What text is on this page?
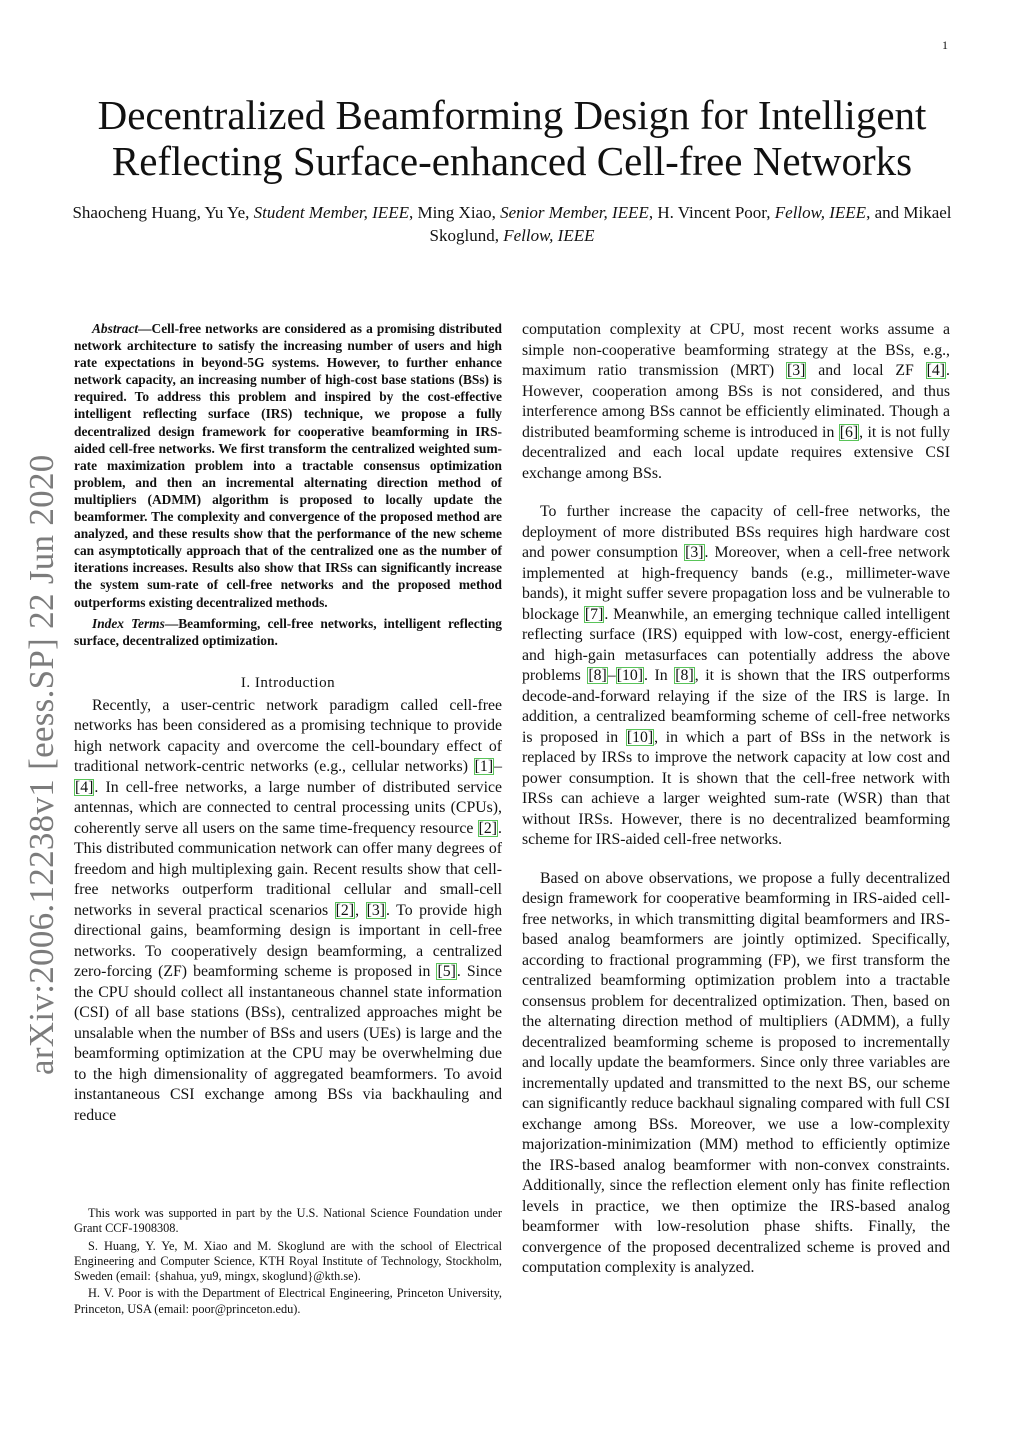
1
arXiv:2006.12238v1 [eess.SP] 22 Jun 2020
Decentralized Beamforming Design for Intelligent
Reflecting Surface-enhanced Cell-free Networks
Shaocheng Huang, Yu Ye, Student Member, IEEE, Ming Xiao, Senior Member, IEEE, H. Vincent Poor, Fellow, IEEE, and Mikael Skoglund, Fellow, IEEE

Abstract—Cell-free networks are considered as a promising distributed network architecture to satisfy the increasing number of users and high rate expectations in beyond-5G systems. However, to further enhance network capacity, an increasing number of high-cost base stations (BSs) is required. To address this problem and inspired by the cost-effective intelligent reflecting surface (IRS) technique, we propose a fully decentralized design framework for cooperative beamforming in IRS-aided cell-free networks. We first transform the centralized weighted sum-rate maximization problem into a tractable consensus optimization problem, and then an incremental alternating direction method of multipliers (ADMM) algorithm is proposed to locally update the beamformer. The complexity and convergence of the proposed method are analyzed, and these results show that the performance of the new scheme can asymptotically approach that of the centralized one as the number of iterations increases. Results also show that IRSs can significantly increase the system sum-rate of cell-free networks and the proposed method outperforms existing decentralized methods.

Index Terms—Beamforming, cell-free networks, intelligent reflecting surface, decentralized optimization.

I. Introduction

Recently, a user-centric network paradigm called cell-free networks has been considered as a promising technique to provide high network capacity and overcome the cell-boundary effect of traditional network-centric networks (e.g., cellular networks) [1]–[4]. In cell-free networks, a large number of distributed service antennas, which are connected to central processing units (CPUs), coherently serve all users on the same time-frequency resource [2]. This distributed communication network can offer many degrees of freedom and high multiplexing gain. Recent results show that cell-free networks outperform traditional cellular and small-cell networks in several practical scenarios [2], [3]. To provide high directional gains, beamforming design is important in cell-free networks. To cooperatively design beamforming, a centralized zero-forcing (ZF) beamforming scheme is proposed in [5]. Since the CPU should collect all instantaneous channel state information (CSI) of all base stations (BSs), centralized approaches might be unsalable when the number of BSs and users (UEs) is large and the beamforming optimization at the CPU may be overwhelming due to the high dimensionality of aggregated beamformers. To avoid instantaneous CSI exchange among BSs via backhauling and reduce

This work was supported in part by the U.S. National Science Foundation under Grant CCF-1908308.

S. Huang, Y. Ye, M. Xiao and M. Skoglund are with the school of Electrical Engineering and Computer Science, KTH Royal Institute of Technology, Stockholm, Sweden (email: {shahua, yu9, mingx, skoglund}@kth.se).

H. V. Poor is with the Department of Electrical Engineering, Princeton University, Princeton, USA (email: poor@princeton.edu).

computation complexity at CPU, most recent works assume a simple non-cooperative beamforming strategy at the BSs, e.g., maximum ratio transmission (MRT) [3] and local ZF [4]. However, cooperation among BSs is not considered, and thus interference among BSs cannot be efficiently eliminated. Though a distributed beamforming scheme is introduced in [6], it is not fully decentralized and each local update requires extensive CSI exchange among BSs.

To further increase the capacity of cell-free networks, the deployment of more distributed BSs requires high hardware cost and power consumption [3]. Moreover, when a cell-free network implemented at high-frequency bands (e.g., millimeter-wave bands), it might suffer severe propagation loss and be vulnerable to blockage [7]. Meanwhile, an emerging technique called intelligent reflecting surface (IRS) equipped with low-cost, energy-efficient and high-gain metasurfaces can potentially address the above problems [8]–[10]. In [8], it is shown that the IRS outperforms decode-and-forward relaying if the size of the IRS is large. In addition, a centralized beamforming scheme of cell-free networks is proposed in [10], in which a part of BSs in the network is replaced by IRSs to improve the network capacity at low cost and power consumption. It is shown that the cell-free network with IRSs can achieve a larger weighted sum-rate (WSR) than that without IRSs. However, there is no decentralized beamforming scheme for IRS-aided cell-free networks.

Based on above observations, we propose a fully decentralized design framework for cooperative beamforming in IRS-aided cell-free networks, in which transmitting digital beamformers and IRS-based analog beamformers are jointly optimized. Specifically, according to fractional programming (FP), we first transform the centralized beamforming optimization problem into a tractable consensus problem for decentralized optimization. Then, based on the alternating direction method of multipliers (ADMM), a fully decentralized beamforming scheme is proposed to incrementally and locally update the beamformers. Since only three variables are incrementally updated and transmitted to the next BS, our scheme can significantly reduce backhaul signaling compared with full CSI exchange among BSs. Moreover, we use a low-complexity majorization-minimization (MM) method to efficiently optimize the IRS-based analog beamformer with non-convex constraints. Additionally, since the reflection element only has finite reflection levels in practice, we then optimize the IRS-based analog beamformer with low-resolution phase shifts. Finally, the convergence of the proposed decentralized scheme is proved and computation complexity is analyzed.
